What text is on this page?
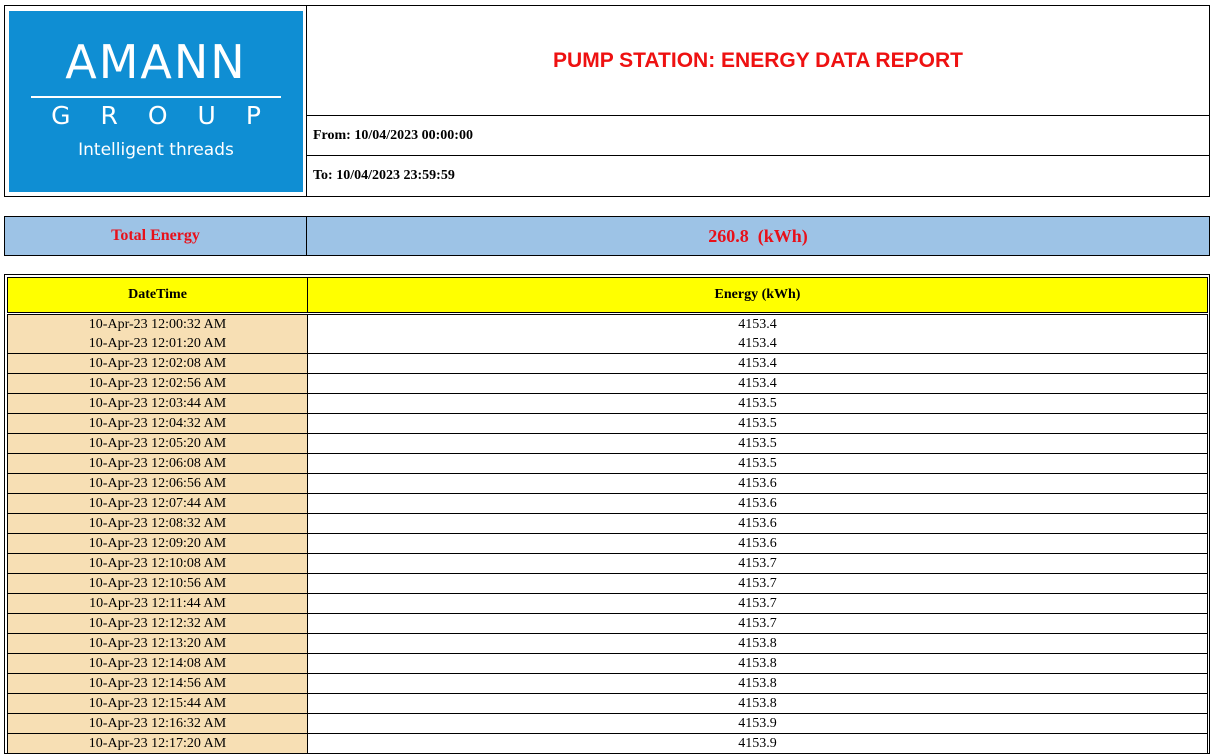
AMANN
GROUP
Intelligent threads
PUMP STATION: ENERGY DATA REPORT
From: 10/04/2023 00:00:00
To: 10/04/2023 23:59:59
Total Energy	260.8  (kWh)
DateTime	Energy (kWh)
10-Apr-23 12:00:32 AM	4153.4
10-Apr-23 12:01:20 AM	4153.4
10-Apr-23 12:02:08 AM	4153.4
10-Apr-23 12:02:56 AM	4153.4
10-Apr-23 12:03:44 AM	4153.5
10-Apr-23 12:04:32 AM	4153.5
10-Apr-23 12:05:20 AM	4153.5
10-Apr-23 12:06:08 AM	4153.5
10-Apr-23 12:06:56 AM	4153.6
10-Apr-23 12:07:44 AM	4153.6
10-Apr-23 12:08:32 AM	4153.6
10-Apr-23 12:09:20 AM	4153.6
10-Apr-23 12:10:08 AM	4153.7
10-Apr-23 12:10:56 AM	4153.7
10-Apr-23 12:11:44 AM	4153.7
10-Apr-23 12:12:32 AM	4153.7
10-Apr-23 12:13:20 AM	4153.8
10-Apr-23 12:14:08 AM	4153.8
10-Apr-23 12:14:56 AM	4153.8
10-Apr-23 12:15:44 AM	4153.8
10-Apr-23 12:16:32 AM	4153.9
10-Apr-23 12:17:20 AM	4153.9
